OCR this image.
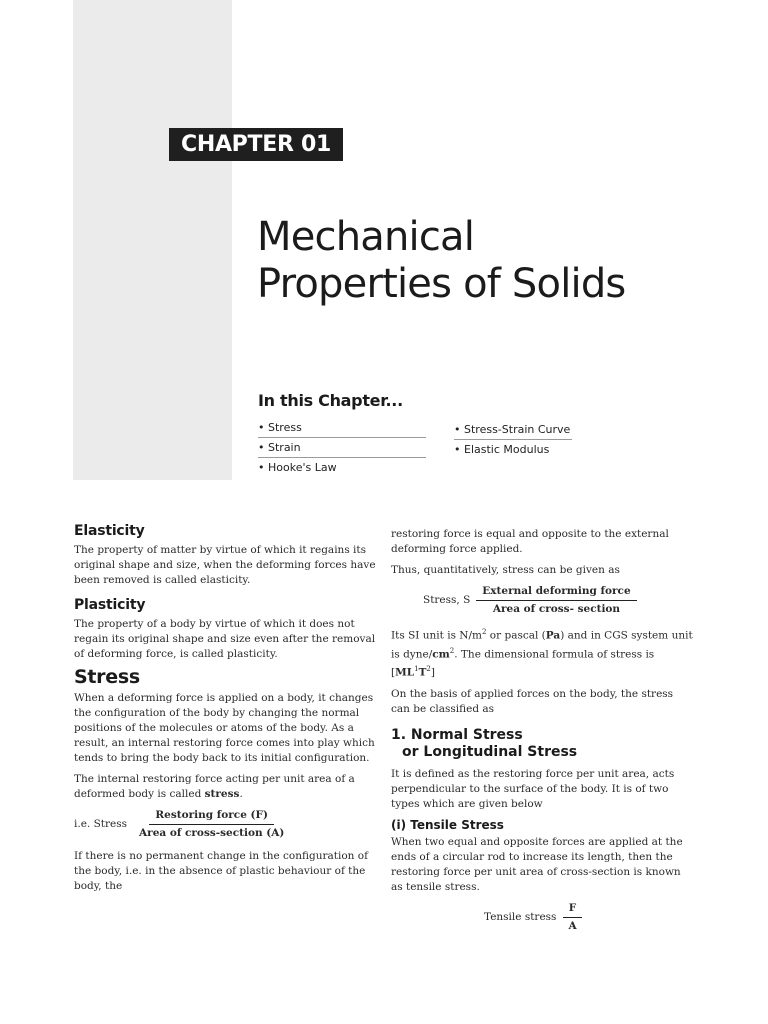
CHAPTER 01
Mechanical
Properties of Solids
In this Chapter...
• Stress
• Strain
• Hooke's Law
• Stress-Strain Curve
• Elastic Modulus
Elasticity

The property of matter by virtue of which it regains its original shape and size, when the deforming forces have been removed is called elasticity.

Plasticity

The property of a body by virtue of which it does not regain its original shape and size even after the removal of deforming force, is called plasticity.

Stress

When a deforming force is applied on a body, it changes the configuration of the body by changing the normal positions of the molecules or atoms of the body. As a result, an internal restoring force comes into play which tends to bring the body back to its initial configuration.

The internal restoring force acting per unit area of a deformed body is called stress.

i.e. Stress $\frac{\text{Restoring force (F)}}{\text{Area of cross-section (A)}}$

If there is no permanent change in the configuration of the body, i.e. in the absence of plastic behaviour of the body, the

restoring force is equal and opposite to the external deforming force applied.

Thus, quantitatively, stress can be given as

Stress, S $\frac{\text{External deforming force}}{\text{Area of cross- section}}$

Its SI unit is $N/m^2$ or pascal (Pa) and in CGS system unit is dyne/$cm^2$. The dimensional formula of stress is $[ML^1T^2]$

On the basis of applied forces on the body, the stress can be classified as

1. Normal Stress
or Longitudinal Stress

It is defined as the restoring force per unit area, acts perpendicular to the surface of the body. It is of two types which are given below

(i) Tensile Stress

When two equal and opposite forces are applied at the ends of a circular rod to increase its length, then the restoring force per unit area of cross-section is known as tensile stress.

Tensile stress $\frac{F}{A}$
